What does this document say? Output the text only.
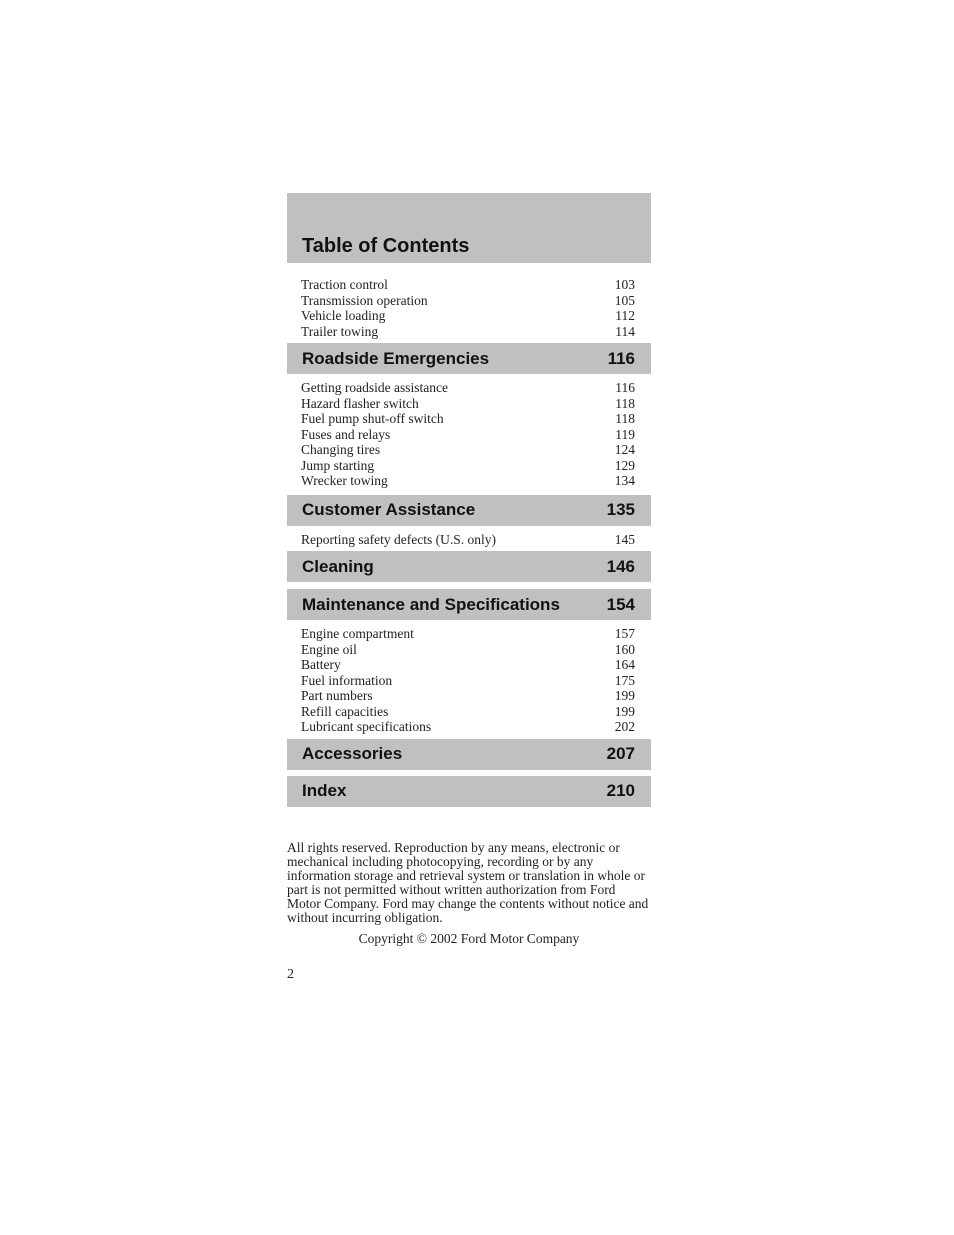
Table of Contents
Traction control	103
Transmission operation	105
Vehicle loading	112
Trailer towing	114
Roadside Emergencies	116
Getting roadside assistance	116
Hazard flasher switch	118
Fuel pump shut-off switch	118
Fuses and relays	119
Changing tires	124
Jump starting	129
Wrecker towing	134
Customer Assistance	135
Reporting safety defects (U.S. only)	145
Cleaning	146
Maintenance and Specifications	154
Engine compartment	157
Engine oil	160
Battery	164
Fuel information	175
Part numbers	199
Refill capacities	199
Lubricant specifications	202
Accessories	207
Index	210
All rights reserved. Reproduction by any means, electronic or mechanical including photocopying, recording or by any information storage and retrieval system or translation in whole or part is not permitted without written authorization from Ford Motor Company. Ford may change the contents without notice and without incurring obligation.
Copyright © 2002 Ford Motor Company
2
